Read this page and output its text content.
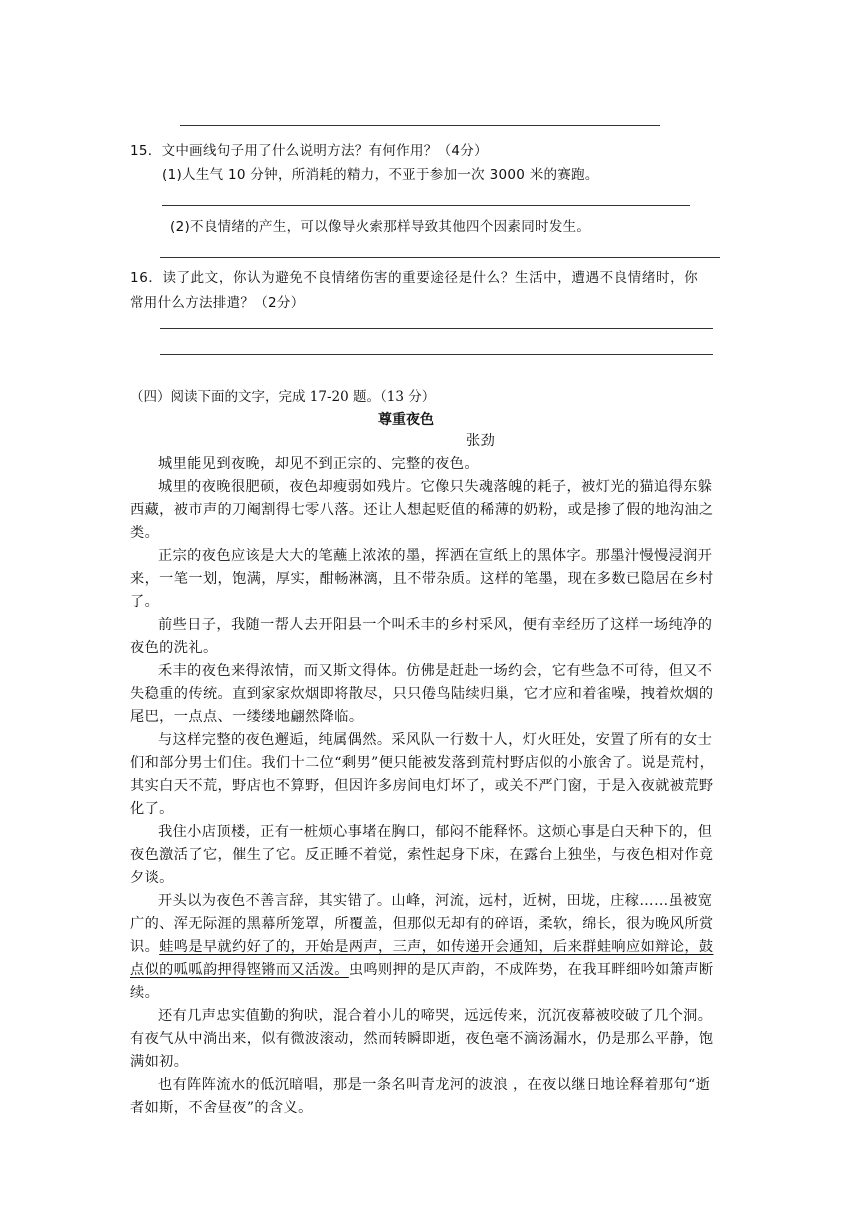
15．文中画线句子用了什么说明方法？有何作用？（4分）
(1)人生气 10 分钟，所消耗的精力，不亚于参加一次 3000 米的赛跑。
(2)不良情绪的产生，可以像导火索那样导致其他四个因素同时发生。
16．读了此文，你认为避免不良情绪伤害的重要途径是什么？生活中，遭遇不良情绪时，你
常用什么方法排遣？（2分）
（四）阅读下面的文字，完成 17-20 题。（13 分）
尊重夜色
张劲
城里能见到夜晚，却见不到正宗的、完整的夜色。
城里的夜晚很肥硕，夜色却瘦弱如残片。它像只失魂落魄的耗子，被灯光的猫追得东躲
西藏，被市声的刀阉割得七零八落。还让人想起贬值的稀薄的奶粉，或是掺了假的地沟油之
类。
正宗的夜色应该是大大的笔蘸上浓浓的墨，挥洒在宣纸上的黑体字。那墨汁慢慢浸润开
来，一笔一划，饱满，厚实，酣畅淋漓，且不带杂质。这样的笔墨，现在多数已隐居在乡村
了。
前些日子，我随一帮人去开阳县一个叫禾丰的乡村采风，便有幸经历了这样一场纯净的
夜色的洗礼。
禾丰的夜色来得浓情，而又斯文得体。仿佛是赶赴一场约会，它有些急不可待，但又不
失稳重的传统。直到家家炊烟即将散尽，只只倦鸟陆续归巢，它才应和着雀噪，拽着炊烟的
尾巴，一点点、一缕缕地翩然降临。
与这样完整的夜色邂逅，纯属偶然。采风队一行数十人，灯火旺处，安置了所有的女士
们和部分男士们住。我们十二位“剩男”便只能被发落到荒村野店似的小旅舍了。说是荒村，
其实白天不荒，野店也不算野，但因许多房间电灯坏了，或关不严门窗，于是入夜就被荒野
化了。
我住小店顶楼，正有一桩烦心事堵在胸口，郁闷不能释怀。这烦心事是白天种下的，但
夜色激活了它，催生了它。反正睡不着觉，索性起身下床，在露台上独坐，与夜色相对作竟
夕谈。
开头以为夜色不善言辞，其实错了。山峰，河流，远村，近树，田垅，庄稼……虽被宽
广的、浑无际涯的黑幕所笼罩，所覆盖，但那似无却有的碎语，柔软，绵长，很为晚风所赏
识。蛙鸣是早就约好了的，开始是两声，三声，如传递开会通知，后来群蛙响应如辩论，鼓
点似的呱呱韵押得铿锵而又活泼。虫鸣则押的是仄声韵，不成阵势，在我耳畔细吟如箫声断
续。
还有几声忠实值勤的狗吠，混合着小儿的啼哭，远远传来，沉沉夜幕被咬破了几个洞。
有夜气从中淌出来，似有微波滚动，然而转瞬即逝，夜色毫不滴汤漏水，仍是那么平静，饱
满如初。
也有阵阵流水的低沉暗唱，那是一条名叫青龙河的波浪 ，在夜以继日地诠释着那句“逝
者如斯，不舍昼夜”的含义。
